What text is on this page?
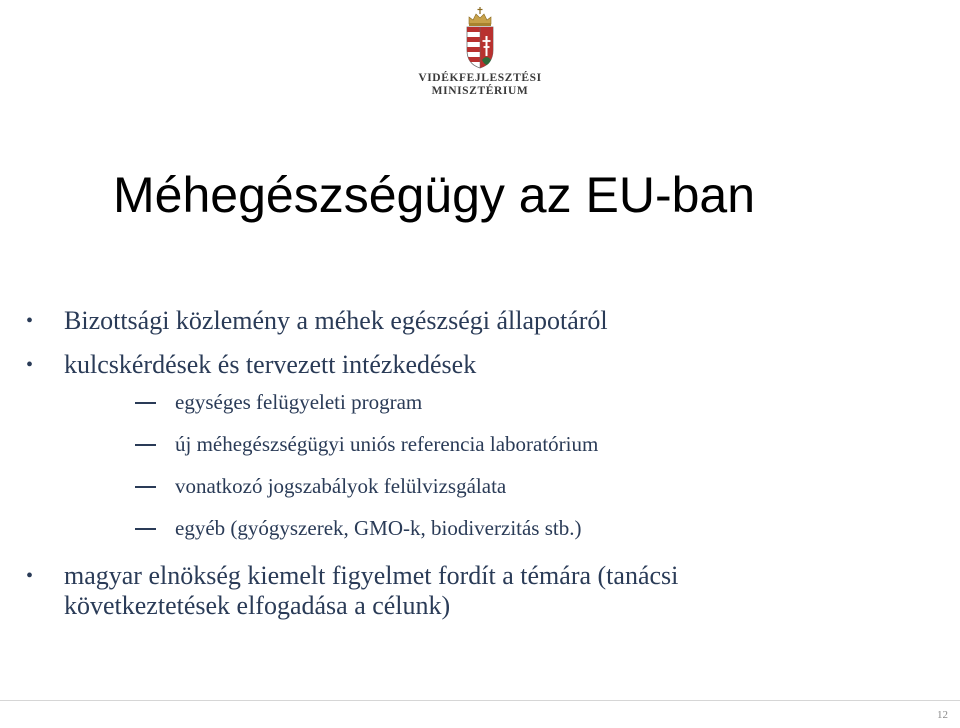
VIDÉKFEJLESZTÉSI
MINISZTÉRIUM
Méhegészségügy az EU-ban
• Bizottsági közlemény a méhek egészségi állapotáról
• kulcskérdések és tervezett intézkedések
egységes felügyeleti program
új méhegészségügyi uniós referencia laboratórium
vonatkozó jogszabályok felülvizsgálata
egyéb (gyógyszerek, GMO-k, biodiverzitás stb.)
• magyar elnökség kiemelt figyelmet fordít a témára (tanácsi
következtetések elfogadása a célunk)
12
